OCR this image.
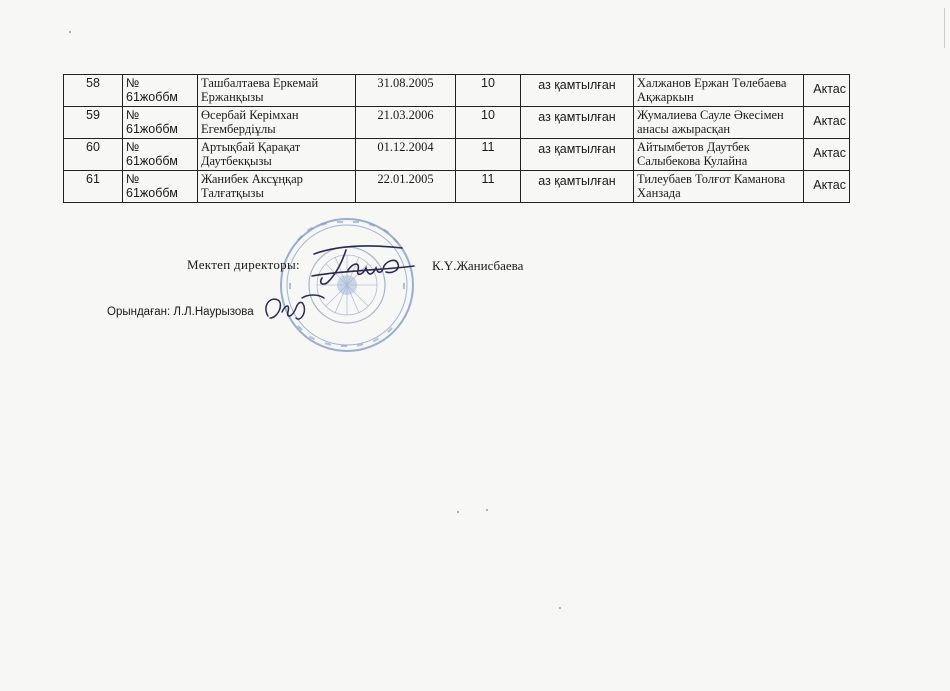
58	№ 61жоббм	Ташбалтаева Еркемай Ержанқызы	31.08.2005	10	аз қамтылған	Халжанов Ержан Төлебаева Ақжаркын	Актас
59	№ 61жоббм	Өсербай Керімхан Егембердіұлы	21.03.2006	10	аз қамтылған	Жумалиева Сауле Әкесімен анасы ажырасқан	Актас
60	№ 61жоббм	Артықбай Қарақат Даутбекқызы	01.12.2004	11	аз қамтылған	Айтымбетов Даутбек Салыбекова Кулайна	Актас
61	№ 61жоббм	Жанибек Аксұңқар Талғатқызы	22.01.2005	11	аз қамтылған	Тилеубаев Толғот Каманова Ханзада	Актас
Мектеп директоры:	К.Ү.Жанисбаева
Орындаған: Л.Л.Наурызова
